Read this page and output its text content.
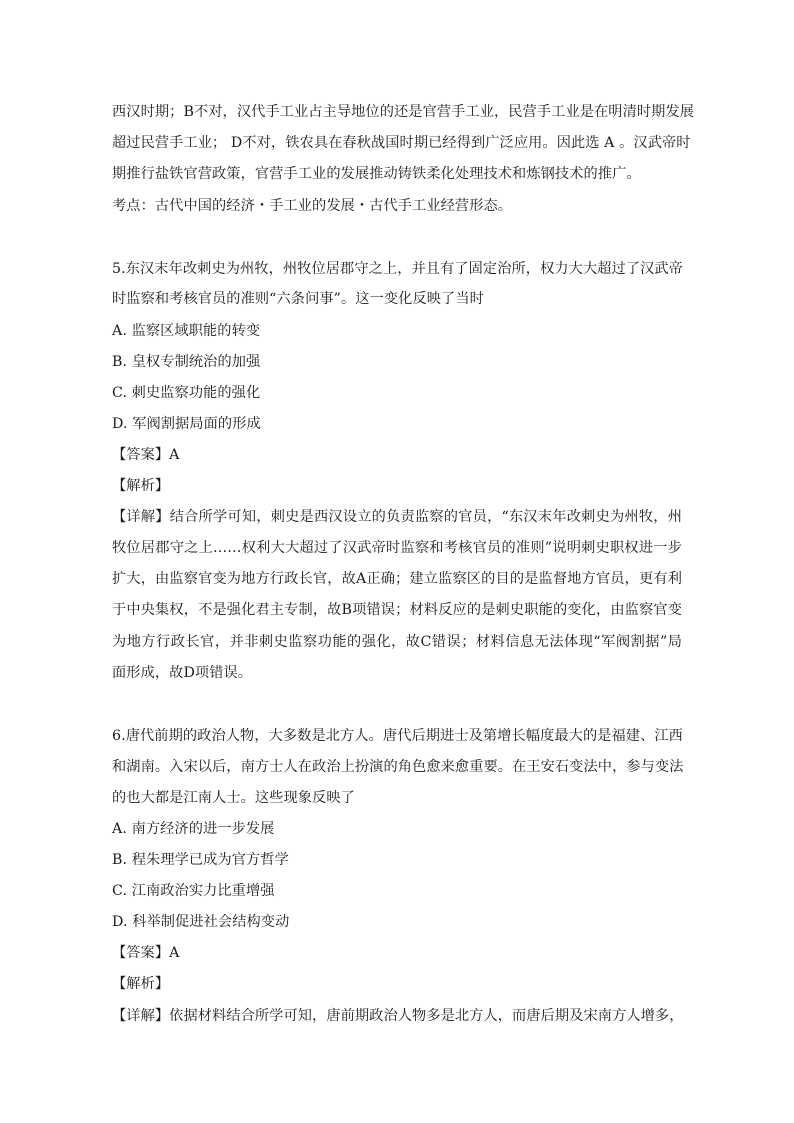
西汉时期；B不对，汉代手工业占主导地位的还是官营手工业，民营手工业是在明清时期发展
超过民营手工业； D不对，铁农具在春秋战国时期已经得到广泛应用。因此选 A 。汉武帝时
期推行盐铁官营政策，官营手工业的发展推动铸铁柔化处理技术和炼钢技术的推广。
考点：古代中国的经济・手工业的发展・古代手工业经营形态。
5.东汉末年改刺史为州牧，州牧位居郡守之上，并且有了固定治所，权力大大超过了汉武帝
时监察和考核官员的准则“六条问事”。这一变化反映了当时
A. 监察区域职能的转变
B. 皇权专制统治的加强
C. 刺史监察功能的强化
D. 军阀割据局面的形成
【答案】A
【解析】
【详解】结合所学可知，刺史是西汉设立的负责监察的官员，“东汉末年改刺史为州牧，州
牧位居郡守之上……权利大大超过了汉武帝时监察和考核官员的准则”说明刺史职权进一步
扩大，由监察官变为地方行政长官，故A正确；建立监察区的目的是监督地方官员，更有利
于中央集权，不是强化君主专制，故B项错误；材料反应的是刺史职能的变化，由监察官变
为地方行政长官，并非刺史监察功能的强化，故C错误；材料信息无法体现“军阀割据”局
面形成，故D项错误。
6.唐代前期的政治人物，大多数是北方人。唐代后期进士及第增长幅度最大的是福建、江西
和湖南。入宋以后，南方士人在政治上扮演的角色愈来愈重要。在王安石变法中，参与变法
的也大都是江南人士。这些现象反映了
A. 南方经济的进一步发展
B. 程朱理学已成为官方哲学
C. 江南政治实力比重增强
D. 科举制促进社会结构变动
【答案】A
【解析】
【详解】依据材料结合所学可知，唐前期政治人物多是北方人，而唐后期及宋南方人增多，
